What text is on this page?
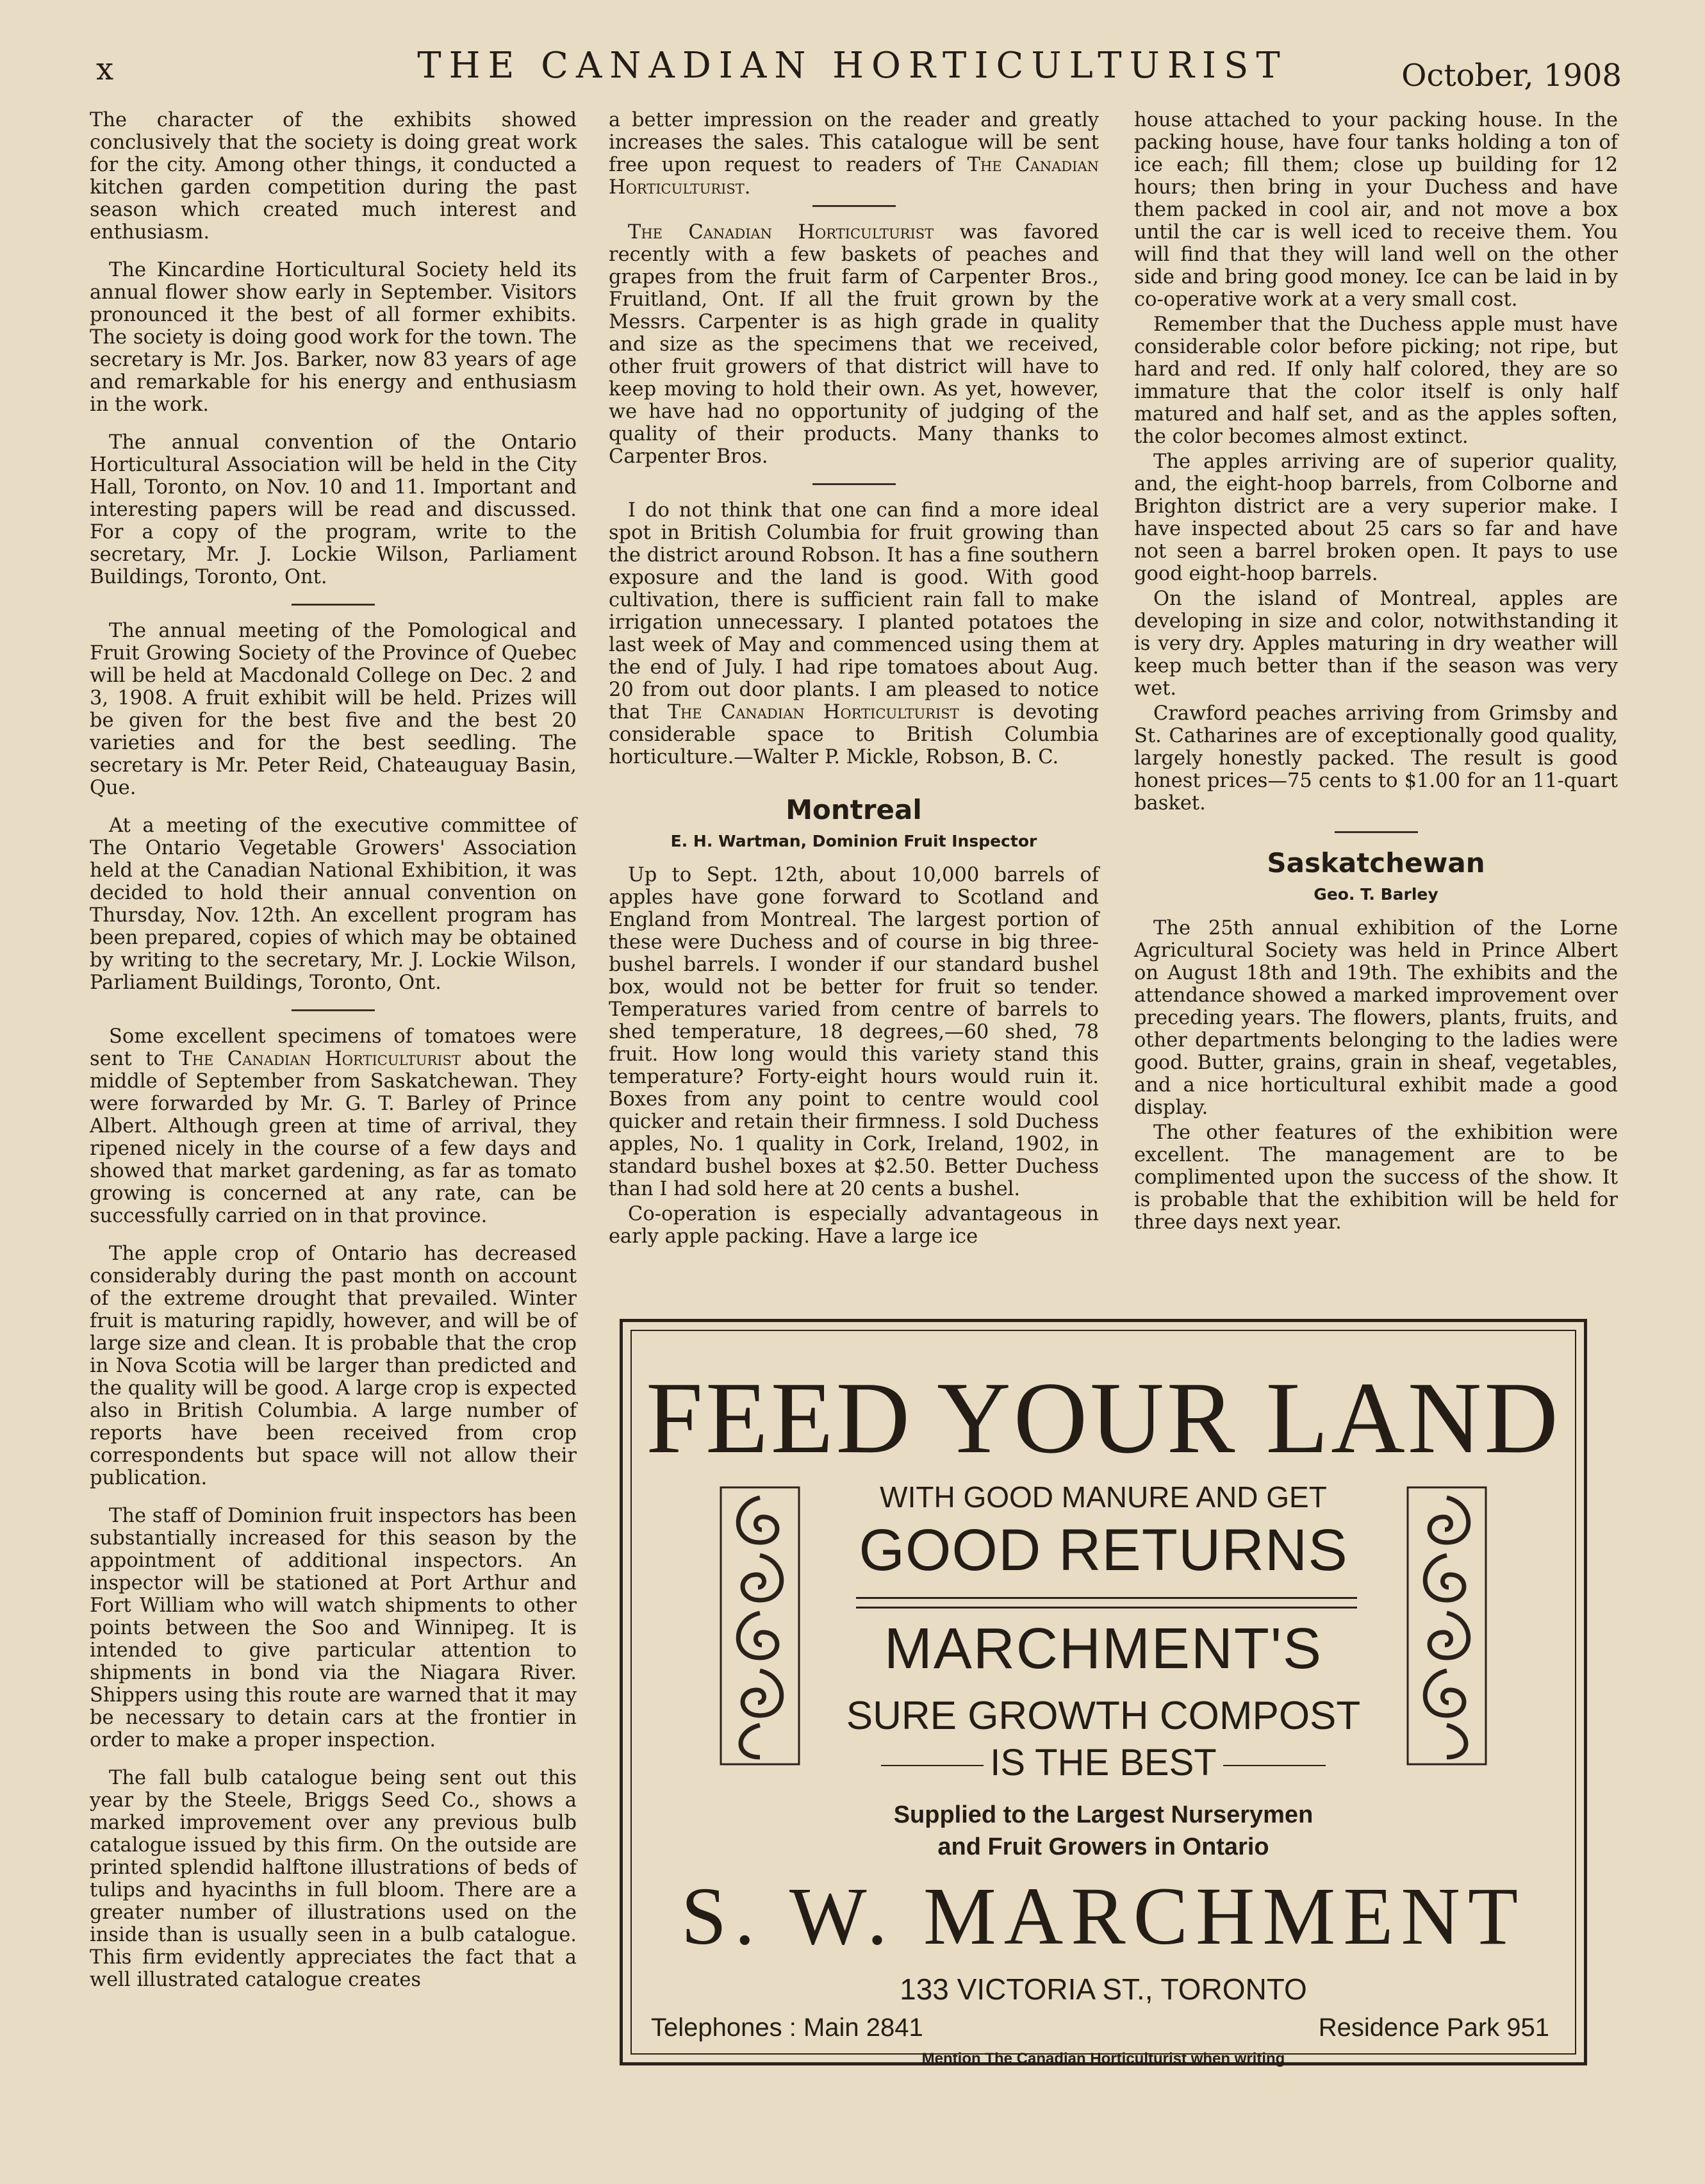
x	THE CANADIAN HORTICULTURIST	October, 1908

The character of the exhibits showed conclusively that the society is doing great work for the city. Among other things, it conducted a kitchen garden competition during the past season which created much interest and enthusiasm.

The Kincardine Horticultural Society held its annual flower show early in September. Visitors pronounced it the best of all former exhibits. The society is doing good work for the town. The secretary is Mr. Jos. Barker, now 83 years of age and remarkable for his energy and enthusiasm in the work.

The annual convention of the Ontario Horticultural Association will be held in the City Hall, Toronto, on Nov. 10 and 11. Important and interesting papers will be read and discussed. For a copy of the program, write to the secretary, Mr. J. Lockie Wilson, Parliament Buildings, Toronto, Ont.

The annual meeting of the Pomological and Fruit Growing Society of the Province of Quebec will be held at Macdonald College on Dec. 2 and 3, 1908. A fruit exhibit will be held. Prizes will be given for the best five and the best 20 varieties and for the best seedling. The secretary is Mr. Peter Reid, Chateauguay Basin, Que.

At a meeting of the executive committee of The Ontario Vegetable Growers' Association held at the Canadian National Exhibition, it was decided to hold their annual convention on Thursday, Nov. 12th. An excellent program has been prepared, copies of which may be obtained by writing to the secretary, Mr. J. Lockie Wilson, Parliament Buildings, Toronto, Ont.

Some excellent specimens of tomatoes were sent to The Canadian Horticulturist about the middle of September from Saskatchewan. They were forwarded by Mr. G. T. Barley of Prince Albert. Although green at time of arrival, they ripened nicely in the course of a few days and showed that market gardening, as far as tomato growing is concerned at any rate, can be successfully carried on in that province.

The apple crop of Ontario has decreased considerably during the past month on account of the extreme drought that prevailed. Winter fruit is maturing rapidly, however, and will be of large size and clean. It is probable that the crop in Nova Scotia will be larger than predicted and the quality will be good. A large crop is expected also in British Columbia. A large number of reports have been received from crop correspondents but space will not allow their publication.

The staff of Dominion fruit inspectors has been substantially increased for this season by the appointment of additional inspectors. An inspector will be stationed at Port Arthur and Fort William who will watch shipments to other points between the Soo and Winnipeg. It is intended to give particular attention to shipments in bond via the Niagara River. Shippers using this route are warned that it may be necessary to detain cars at the frontier in order to make a proper inspection.

The fall bulb catalogue being sent out this year by the Steele, Briggs Seed Co., shows a marked improvement over any previous bulb catalogue issued by this firm. On the outside are printed splendid halftone illustrations of beds of tulips and hyacinths in full bloom. There are a greater number of illustrations used on the inside than is usually seen in a bulb catalogue. This firm evidently appreciates the fact that a well illustrated catalogue creates

a better impression on the reader and greatly increases the sales. This catalogue will be sent free upon request to readers of The Canadian Horticulturist.

The Canadian Horticulturist was favored recently with a few baskets of peaches and grapes from the fruit farm of Carpenter Bros., Fruitland, Ont. If all the fruit grown by the Messrs. Carpenter is as high grade in quality and size as the specimens that we received, other fruit growers of that district will have to keep moving to hold their own. As yet, however, we have had no opportunity of judging of the quality of their products. Many thanks to Carpenter Bros.

I do not think that one can find a more ideal spot in British Columbia for fruit growing than the district around Robson. It has a fine southern exposure and the land is good. With good cultivation, there is sufficient rain fall to make irrigation unnecessary. I planted potatoes the last week of May and commenced using them at the end of July. I had ripe tomatoes about Aug. 20 from out door plants. I am pleased to notice that The Canadian Horticulturist is devoting considerable space to British Columbia horticulture.—Walter P. Mickle, Robson, B. C.

Montreal
E. H. Wartman, Dominion Fruit Inspector

Up to Sept. 12th, about 10,000 barrels of apples have gone forward to Scotland and England from Montreal. The largest portion of these were Duchess and of course in big three-bushel barrels. I wonder if our standard bushel box, would not be better for fruit so tender. Temperatures varied from centre of barrels to shed temperature, 18 degrees,—60 shed, 78 fruit. How long would this variety stand this temperature? Forty-eight hours would ruin it. Boxes from any point to centre would cool quicker and retain their firmness. I sold Duchess apples, No. 1 quality in Cork, Ireland, 1902, in standard bushel boxes at $2.50. Better Duchess than I had sold here at 20 cents a bushel.

Co-operation is especially advantageous in early apple packing. Have a large ice

house attached to your packing house. In the packing house, have four tanks holding a ton of ice each; fill them; close up building for 12 hours; then bring in your Duchess and have them packed in cool air, and not move a box until the car is well iced to receive them. You will find that they will land well on the other side and bring good money. Ice can be laid in by co-operative work at a very small cost.

Remember that the Duchess apple must have considerable color before picking; not ripe, but hard and red. If only half colored, they are so immature that the color itself is only half matured and half set, and as the apples soften, the color becomes almost extinct.

The apples arriving are of superior quality, and, the eight-hoop barrels, from Colborne and Brighton district are a very superior make. I have inspected about 25 cars so far and have not seen a barrel broken open. It pays to use good eight-hoop barrels.

On the island of Montreal, apples are developing in size and color, notwithstanding it is very dry. Apples maturing in dry weather will keep much better than if the season was very wet.

Crawford peaches arriving from Grimsby and St. Catharines are of exceptionally good quality, largely honestly packed. The result is good honest prices—75 cents to $1.00 for an 11-quart basket.

Saskatchewan
Geo. T. Barley

The 25th annual exhibition of the Lorne Agricultural Society was held in Prince Albert on August 18th and 19th. The exhibits and the attendance showed a marked improvement over preceding years. The flowers, plants, fruits, and other departments belonging to the ladies were good. Butter, grains, grain in sheaf, vegetables, and a nice horticultural exhibit made a good display.

The other features of the exhibition were excellent. The management are to be complimented upon the success of the show. It is probable that the exhibition will be held for three days next year.

FEED YOUR LAND
WITH GOOD MANURE AND GET
GOOD RETURNS
MARCHMENT'S
SURE GROWTH COMPOST
IS THE BEST
Supplied to the Largest Nurserymen
and Fruit Growers in Ontario
S. W. MARCHMENT
133 VICTORIA ST., TORONTO
Telephones : Main 2841	Residence Park 951
Mention The Canadian Horticulturist when writing
